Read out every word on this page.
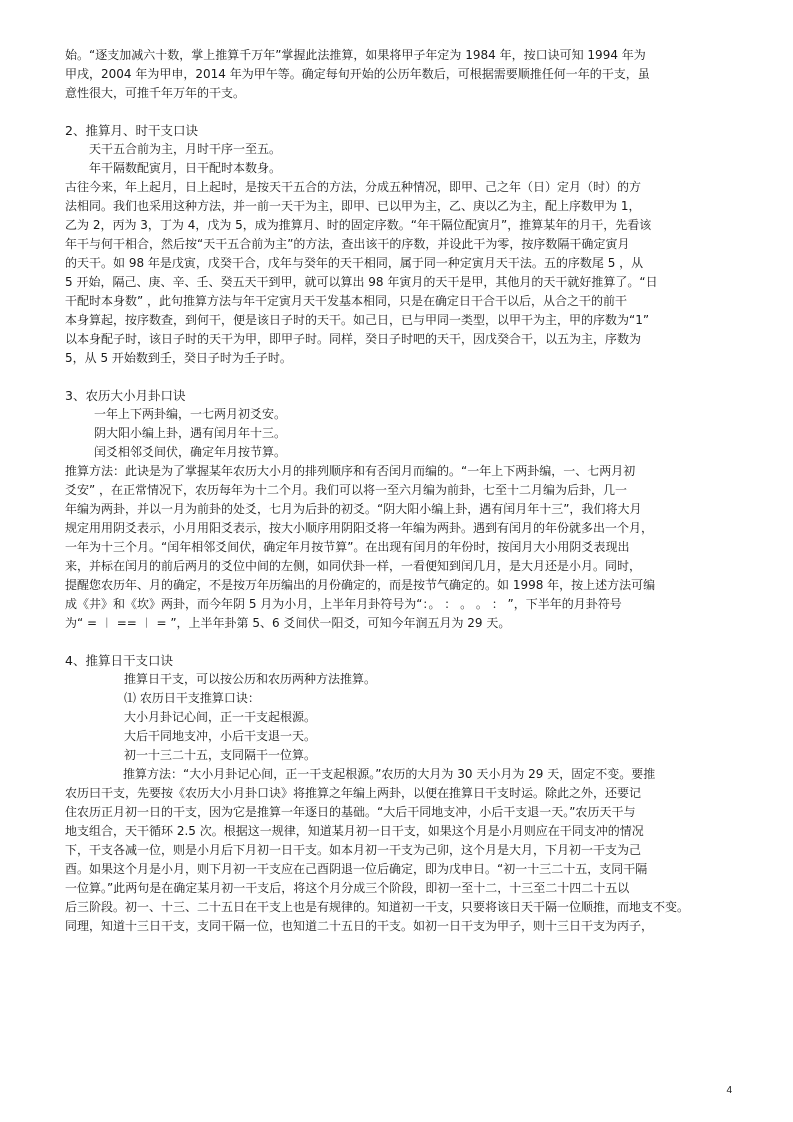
始。“逐支加减六十数，掌上推算千万年”掌握此法推算，如果将甲子年定为 1984 年，按口诀可知 1994 年为
甲戌，2004 年为甲申，2014 年为甲午等。确定每旬开始的公历年数后，可根据需要顺推任何一年的干支，虽
意性很大，可推千年万年的干支。
2、推算月、时干支口诀
天干五合前为主，月时干序一至五。
年干隔数配寅月，日干配时本数身。
古往今来，年上起月，日上起时，是按天干五合的方法，分成五种情况，即甲、己之年（日）定月（时）的方
法相同。我们也采用这种方法，并一前一天干为主，即甲、已以甲为主，乙、庚以乙为主，配上序数甲为 1，
乙为 2，丙为 3，丁为 4，戊为 5，成为推算月、时的固定序数。“年干隔位配寅月”，推算某年的月干，先看该
年干与何干相合，然后按“天干五合前为主”的方法，查出该干的序数，并设此干为零，按序数隔干确定寅月
的天干。如 98 年是戊寅，戊癸干合，戊年与癸年的天干相同，属于同一种定寅月天干法。五的序数尾 5 ，从
5 开始，隔己、庚、辛、壬、癸五天干到甲，就可以算出 98 年寅月的天干是甲，其他月的天干就好推算了。“日
干配时本身数” ，此句推算方法与年干定寅月天干发基本相同，只是在确定日干合干以后，从合之干的前干
本身算起，按序数查，到何干，便是该日子时的天干。如己日，已与甲同一类型，以甲干为主，甲的序数为“1”
以本身配子时，该日子时的天干为甲，即甲子时。同样，癸日子时吧的天干，因戊癸合干，以五为主，序数为
5，从 5 开始数到壬，癸日子时为壬子时。
3、农历大小月卦口诀
一年上下两卦编，一七两月初爻安。
阴大阳小编上卦，遇有闰月年十三。
闰爻相邻爻间伏，确定年月按节算。
推算方法：此诀是为了掌握某年农历大小月的排列顺序和有否闰月而编的。“一年上下两卦编，一、七两月初
爻安” ，在正常情况下，农历每年为十二个月。我们可以将一至六月编为前卦，七至十二月编为后卦，几一
年编为两卦，并以一月为前卦的处爻，七月为后卦的初爻。“阴大阳小编上卦，遇有闰月年十三”，我们将大月
规定用用阴爻表示，小月用阳爻表示，按大小顺序用阴阳爻将一年编为两卦。遇到有闰月的年份就多出一个月，
一年为十三个月。“闰年相邻爻间伏，确定年月按节算”。在出现有闰月的年份时，按闰月大小用阴爻表现出
来，并标在闰月的前后两月的爻位中间的左侧，如同伏卦一样，一看便知到闰几月，是大月还是小月。同时，
提醒您农历年、月的确定，不是按万年历编出的月份确定的，而是按节气确定的。如 1998 年，按上述方法可编
成《井》和《坎》两卦，而今年阴 5 月为小月，上半年月卦符号为“：。 ： 。 。 ： ”，下半年的月卦符号
为“ = ︱ == ︱ = ”，上半年卦第 5、6 爻间伏一阳爻，可知今年润五月为 29 天。
4、推算日干支口诀
推算日干支，可以按公历和农历两种方法推算。
⑴ 农历日干支推算口诀：
大小月卦记心间，正一干支起根源。
大后干同地支冲，小后干支退一天。
初一十三二十五，支同隔干一位算。
推算方法：“大小月卦记心间，正一干支起根源。”农历的大月为 30 天小月为 29 天，固定不变。要推
农历曰干支，先要按《农历大小月卦口诀》将推算之年编上两卦，以便在推算日干支时运。除此之外，还要记
住农历正月初一日的干支，因为它是推算一年逐日的基础。“大后干同地支冲，小后干支退一天。”农历天干与
地支组合，天干循环 2.5 次。根据这一规律，知道某月初一日干支，如果这个月是小月则应在干同支冲的情况
下，干支各减一位，则是小月后下月初一日干支。如本月初一干支为己卯，这个月是大月，下月初一干支为己
酉。如果这个月是小月，则下月初一干支应在己酉阴退一位后确定，即为戊申日。“初一十三二十五，支同干隔
一位算。”此两句是在确定某月初一干支后，将这个月分成三个阶段，即初一至十二，十三至二十四二十五以
后三阶段。初一、十三、二十五日在干支上也是有规律的。知道初一干支，只要将该日天干隔一位顺推，而地支不变。
同理，知道十三日干支，支同干隔一位，也知道二十五日的干支。如初一日干支为甲子，则十三日干支为丙子，
4
